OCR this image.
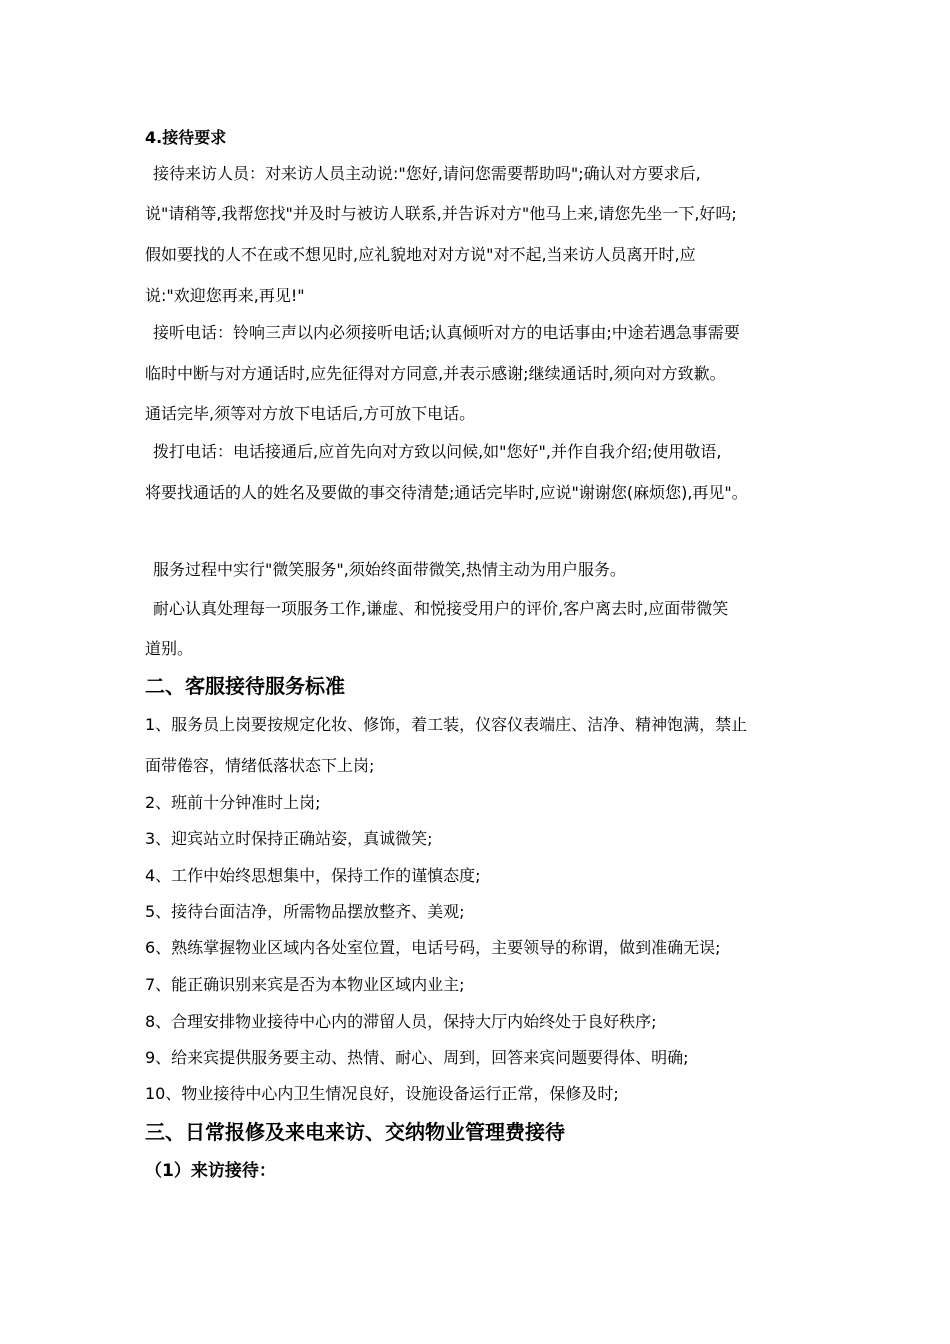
4.接待要求
接待来访人员：对来访人员主动说:"您好,请问您需要帮助吗";确认对方要求后,
说"请稍等,我帮您找"并及时与被访人联系,并告诉对方"他马上来,请您先坐一下,好吗;
假如要找的人不在或不想见时,应礼貌地对对方说"对不起,当来访人员离开时,应
说:"欢迎您再来,再见!"
接听电话：铃响三声以内必须接听电话;认真倾听对方的电话事由;中途若遇急事需要
临时中断与对方通话时,应先征得对方同意,并表示感谢;继续通话时,须向对方致歉。
通话完毕,须等对方放下电话后,方可放下电话。
拨打电话：电话接通后,应首先向对方致以问候,如"您好",并作自我介绍;使用敬语,
将要找通话的人的姓名及要做的事交待清楚;通话完毕时,应说"谢谢您(麻烦您),再见"。
服务过程中实行"微笑服务",须始终面带微笑,热情主动为用户服务。
耐心认真处理每一项服务工作,谦虚、和悦接受用户的评价,客户离去时,应面带微笑
道别。
二、客服接待服务标准
1、服务员上岗要按规定化妆、修饰，着工装，仪容仪表端庄、洁净、精神饱满，禁止
面带倦容，情绪低落状态下上岗;
2、班前十分钟准时上岗;
3、迎宾站立时保持正确站姿，真诚微笑;
4、工作中始终思想集中，保持工作的谨慎态度;
5、接待台面洁净，所需物品摆放整齐、美观;
6、熟练掌握物业区域内各处室位置，电话号码，主要领导的称谓，做到准确无误;
7、能正确识别来宾是否为本物业区域内业主;
8、合理安排物业接待中心内的滞留人员，保持大厅内始终处于良好秩序;
9、给来宾提供服务要主动、热情、耐心、周到，回答来宾问题要得体、明确;
10、物业接待中心内卫生情况良好，设施设备运行正常，保修及时;
三、日常报修及来电来访、交纳物业管理费接待
（1）来访接待：
